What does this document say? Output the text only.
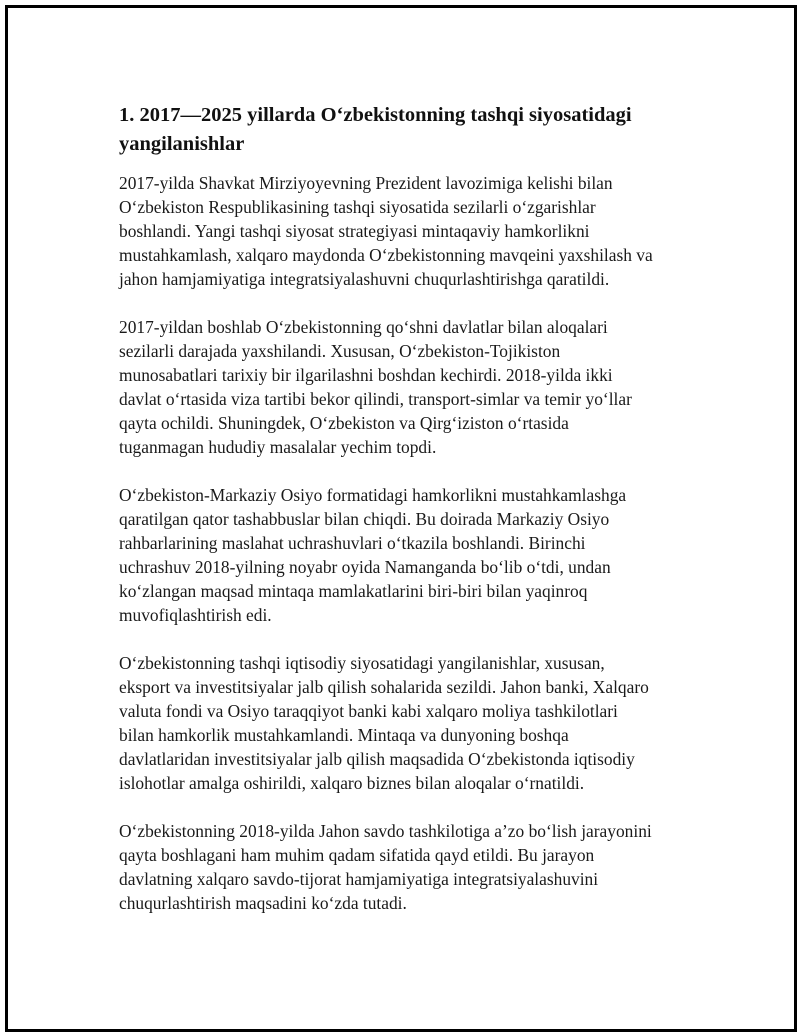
1. 2017—2025 yillarda O‘zbekistonning tashqi siyosatidagi
yangilanishlar

2017-yilda Shavkat Mirziyoyevning Prezident lavozimiga kelishi bilan
O‘zbekiston Respublikasining tashqi siyosatida sezilarli o‘zgarishlar
boshlandi. Yangi tashqi siyosat strategiyasi mintaqaviy hamkorlikni
mustahkamlash, xalqaro maydonda O‘zbekistonning mavqeini yaxshilash va
jahon hamjamiyatiga integratsiyalashuvni chuqurlashtirishga qaratildi.

2017-yildan boshlab O‘zbekistonning qo‘shni davlatlar bilan aloqalari
sezilarli darajada yaxshilandi. Xususan, O‘zbekiston-Tojikiston
munosabatlari tarixiy bir ilgarilashni boshdan kechirdi. 2018-yilda ikki
davlat o‘rtasida viza tartibi bekor qilindi, transport-simlar va temir yo‘llar
qayta ochildi. Shuningdek, O‘zbekiston va Qirg‘iziston o‘rtasida
tuganmagan hududiy masalalar yechim topdi.

O‘zbekiston-Markaziy Osiyo formatidagi hamkorlikni mustahkamlashga
qaratilgan qator tashabbuslar bilan chiqdi. Bu doirada Markaziy Osiyo
rahbarlarining maslahat uchrashuvlari o‘tkazila boshlandi. Birinchi
uchrashuv 2018-yilning noyabr oyida Namanganda bo‘lib o‘tdi, undan
ko‘zlangan maqsad mintaqa mamlakatlarini biri-biri bilan yaqinroq
muvofiqlashtirish edi.

O‘zbekistonning tashqi iqtisodiy siyosatidagi yangilanishlar, xususan,
eksport va investitsiyalar jalb qilish sohalarida sezildi. Jahon banki, Xalqaro
valuta fondi va Osiyo taraqqiyot banki kabi xalqaro moliya tashkilotlari
bilan hamkorlik mustahkamlandi. Mintaqa va dunyoning boshqa
davlatlaridan investitsiyalar jalb qilish maqsadida O‘zbekistonda iqtisodiy
islohotlar amalga oshirildi, xalqaro biznes bilan aloqalar o‘rnatildi.

O‘zbekistonning 2018-yilda Jahon savdo tashkilotiga a’zo bo‘lish jarayonini
qayta boshlagani ham muhim qadam sifatida qayd etildi. Bu jarayon
davlatning xalqaro savdo-tijorat hamjamiyatiga integratsiyalashuvini
chuqurlashtirish maqsadini ko‘zda tutadi.
